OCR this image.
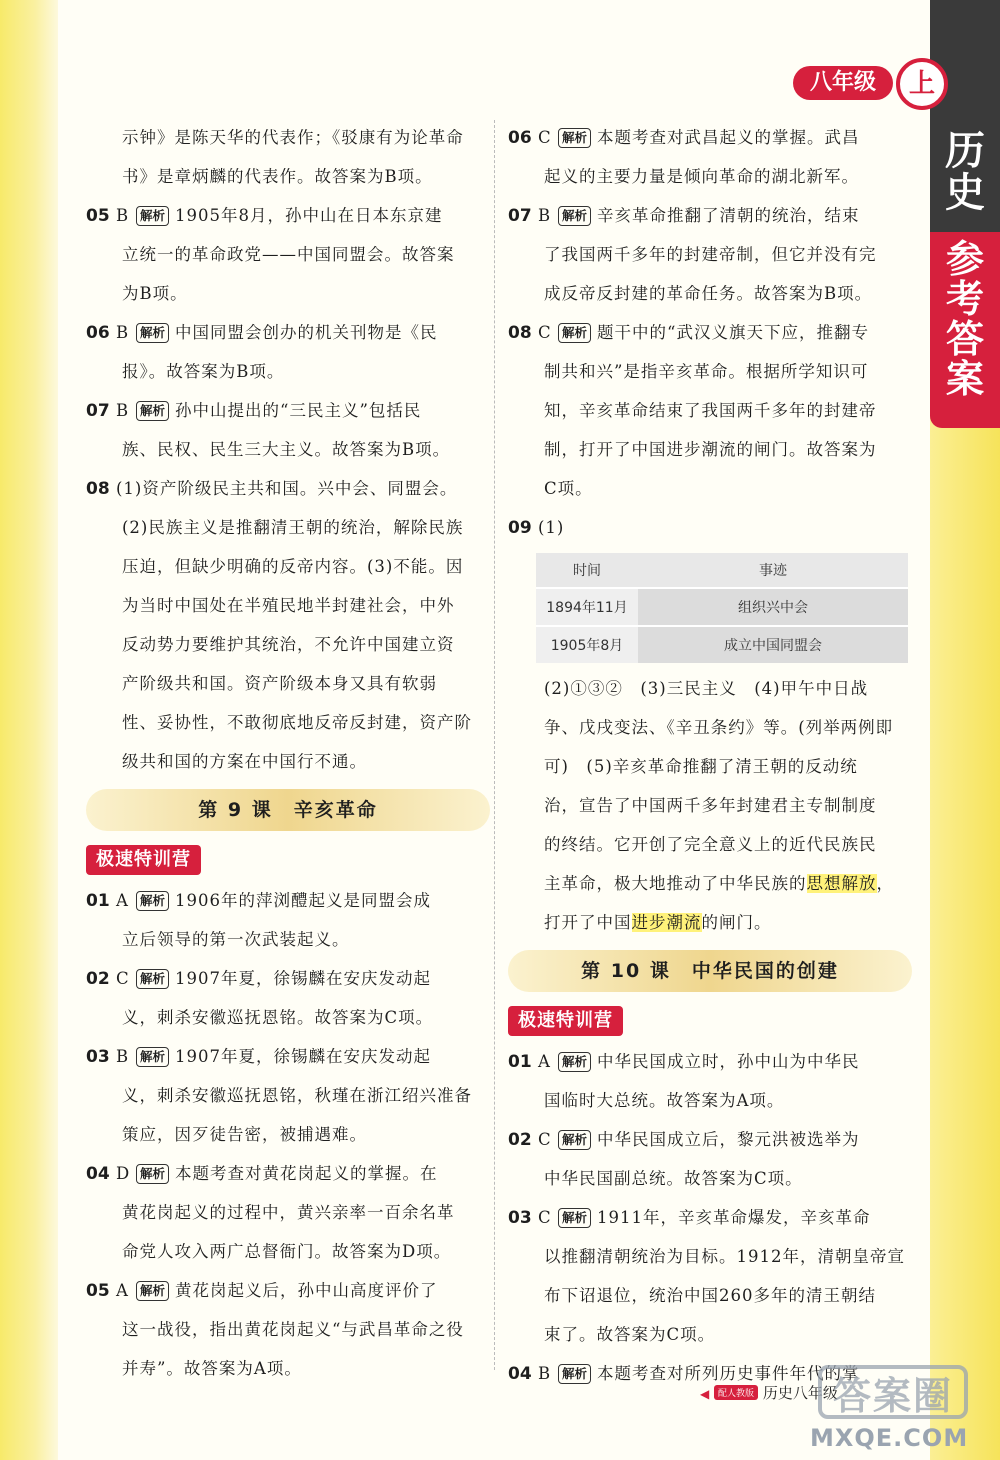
历史
参考
答案
八年级	上
示钟》是陈天华的代表作；《驳康有为论革命
书》是章炳麟的代表作。故答案为B项。
05 B 解析 1905年8月，孙中山在日本东京建
立统一的革命政党——中国同盟会。故答案
为B项。
06 B 解析 中国同盟会创办的机关刊物是《民
报》。故答案为B项。
07 B 解析 孙中山提出的“三民主义”包括民
族、民权、民生三大主义。故答案为B项。
08 (1)资产阶级民主共和国。兴中会、同盟会。
(2)民族主义是推翻清王朝的统治，解除民族
压迫，但缺少明确的反帝内容。(3)不能。因
为当时中国处在半殖民地半封建社会，中外
反动势力要维护其统治，不允许中国建立资
产阶级共和国。资产阶级本身又具有软弱
性、妥协性，不敢彻底地反帝反封建，资产阶
级共和国的方案在中国行不通。
第 9 课　辛亥革命
极速特训营
01 A 解析 1906年的萍浏醴起义是同盟会成
立后领导的第一次武装起义。
02 C 解析 1907年夏，徐锡麟在安庆发动起
义，刺杀安徽巡抚恩铭。故答案为C项。
03 B 解析 1907年夏，徐锡麟在安庆发动起
义，刺杀安徽巡抚恩铭，秋瑾在浙江绍兴准备
策应，因歹徒告密，被捕遇难。
04 D 解析 本题考查对黄花岗起义的掌握。在
黄花岗起义的过程中，黄兴亲率一百余名革
命党人攻入两广总督衙门。故答案为D项。
05 A 解析 黄花岗起义后，孙中山高度评价了
这一战役，指出黄花岗起义“与武昌革命之役
并寿”。故答案为A项。
06 C 解析 本题考查对武昌起义的掌握。武昌
起义的主要力量是倾向革命的湖北新军。
07 B 解析 辛亥革命推翻了清朝的统治，结束
了我国两千多年的封建帝制，但它并没有完
成反帝反封建的革命任务。故答案为B项。
08 C 解析 题干中的“武汉义旗天下应，推翻专
制共和兴”是指辛亥革命。根据所学知识可
知，辛亥革命结束了我国两千多年的封建帝
制，打开了中国进步潮流的闸门。故答案为
C项。
09 (1)
时间	事迹
1894年11月	组织兴中会
1905年8月	成立中国同盟会
(2)①③②　(3)三民主义　(4)甲午中日战
争、戊戌变法、《辛丑条约》等。(列举两例即
可)　(5)辛亥革命推翻了清王朝的反动统
治，宣告了中国两千多年封建君主专制制度
的终结。它开创了完全意义上的近代民族民
主革命，极大地推动了中华民族的思想解放，
打开了中国进步潮流的闸门。
第 10 课　中华民国的创建
极速特训营
01 A 解析 中华民国成立时，孙中山为中华民
国临时大总统。故答案为A项。
02 C 解析 中华民国成立后，黎元洪被选举为
中华民国副总统。故答案为C项。
03 C 解析 1911年，辛亥革命爆发，辛亥革命
以推翻清朝统治为目标。1912年，清朝皇帝宣
布下诏退位，统治中国260多年的清王朝结
束了。故答案为C项。
04 B 解析 本题考查对所列历史事件年代的掌
◀ 配人教版 历史八年级
答案圈
MXQE.COM
